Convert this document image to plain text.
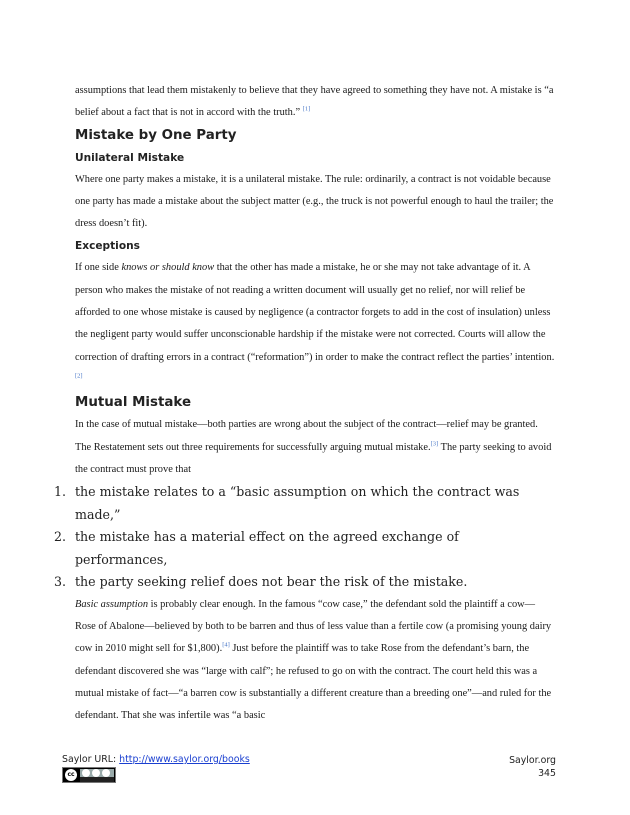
assumptions that lead them mistakenly to believe that they have agreed to something they have not. A mistake is “a belief about a fact that is not in accord with the truth.” [1]

Mistake by One Party
Unilateral Mistake

Where one party makes a mistake, it is a unilateral mistake. The rule: ordinarily, a contract is not voidable because one party has made a mistake about the subject matter (e.g., the truck is not powerful enough to haul the trailer; the dress doesn’t fit).

Exceptions

If one side knows or should know that the other has made a mistake, he or she may not take advantage of it. A person who makes the mistake of not reading a written document will usually get no relief, nor will relief be afforded to one whose mistake is caused by negligence (a contractor forgets to add in the cost of insulation) unless the negligent party would suffer unconscionable hardship if the mistake were not corrected. Courts will allow the correction of drafting errors in a contract (“reformation”) in order to make the contract reflect the parties’ intention. [2]

Mutual Mistake

In the case of mutual mistake—both parties are wrong about the subject of the contract—relief may be granted.

The Restatement sets out three requirements for successfully arguing mutual mistake.[3] The party seeking to avoid the contract must prove that

1. the mistake relates to a “basic assumption on which the contract was made,”
2. the mistake has a material effect on the agreed exchange of performances,
3. the party seeking relief does not bear the risk of the mistake.

Basic assumption is probably clear enough. In the famous “cow case,” the defendant sold the plaintiff a cow—Rose of Abalone—believed by both to be barren and thus of less value than a fertile cow (a promising young dairy cow in 2010 might sell for $1,800).[4] Just before the plaintiff was to take Rose from the defendant’s barn, the defendant discovered she was “large with calf”; he refused to go on with the contract. The court held this was a mutual mistake of fact—“a barren cow is substantially a different creature than a breeding one”—and ruled for the defendant. That she was infertile was “a basic

Saylor URL: http://www.saylor.org/books
cc
Saylor.org
345
